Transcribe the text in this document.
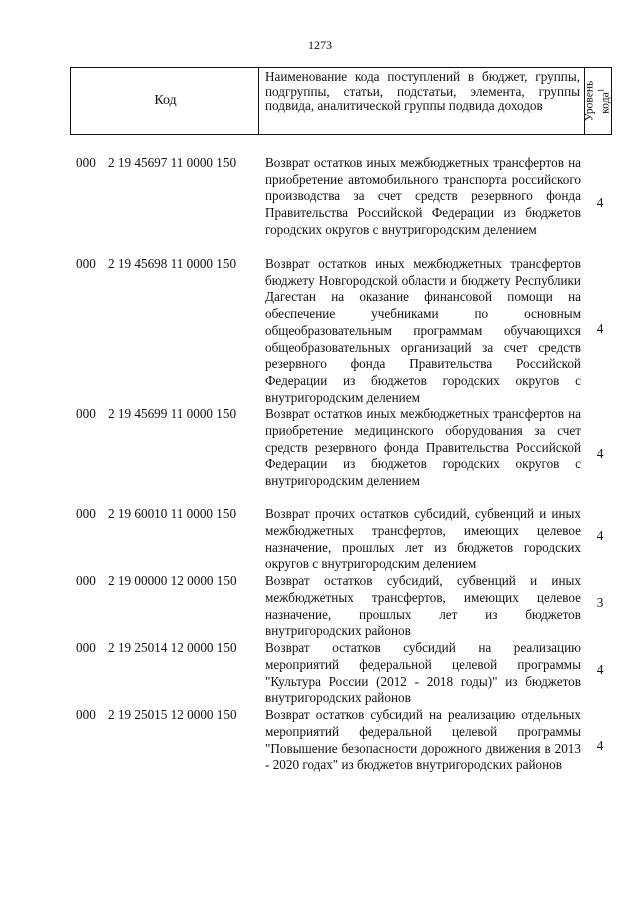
1273
Код
Наименование кода поступлений в бюджет, группы, подгруппы, статьи, подстатьи, элемента, группы подвида, аналитической группы подвида доходов	Уровень кода$^1$
000 2 19 45697 11 0000 150 Возврат остатков иных межбюджетных трансфертов на приобретение автомобильного транспорта российского производства за счет средств резервного фонда Правительства Российской Федерации из бюджетов городских округов с внутригородским делением
4
000 2 19 45698 11 0000 150 Возврат остатков иных межбюджетных трансфертов бюджету Новгородской области и бюджету Республики Дагестан на оказание финансовой помощи на обеспечение учебниками по основным общеобразовательным программам обучающихся общеобразовательных организаций за счет средств резервного фонда Правительства Российской Федерации из бюджетов городских округов с внутригородским делением
4
000 2 19 45699 11 0000 150 Возврат остатков иных межбюджетных трансфертов на приобретение медицинского оборудования за счет средств резервного фонда Правительства Российской Федерации из бюджетов городских округов с внутригородским делением
4
000 2 19 60010 11 0000 150 Возврат прочих остатков субсидий, субвенций и иных межбюджетных трансфертов, имеющих целевое назначение, прошлых лет из бюджетов городских округов с внутригородским делением
4
000 2 19 00000 12 0000 150 Возврат остатков субсидий, субвенций и иных межбюджетных трансфертов, имеющих целевое назначение, прошлых лет из бюджетов внутригородских районов
3
000 2 19 25014 12 0000 150 Возврат остатков субсидий на реализацию мероприятий федеральной целевой программы "Культура России (2012 - 2018 годы)" из бюджетов внутригородских районов
4
000 2 19 25015 12 0000 150 Возврат остатков субсидий на реализацию отдельных мероприятий федеральной целевой программы "Повышение безопасности дорожного движения в 2013 - 2020 годах" из бюджетов внутригородских районов
4
